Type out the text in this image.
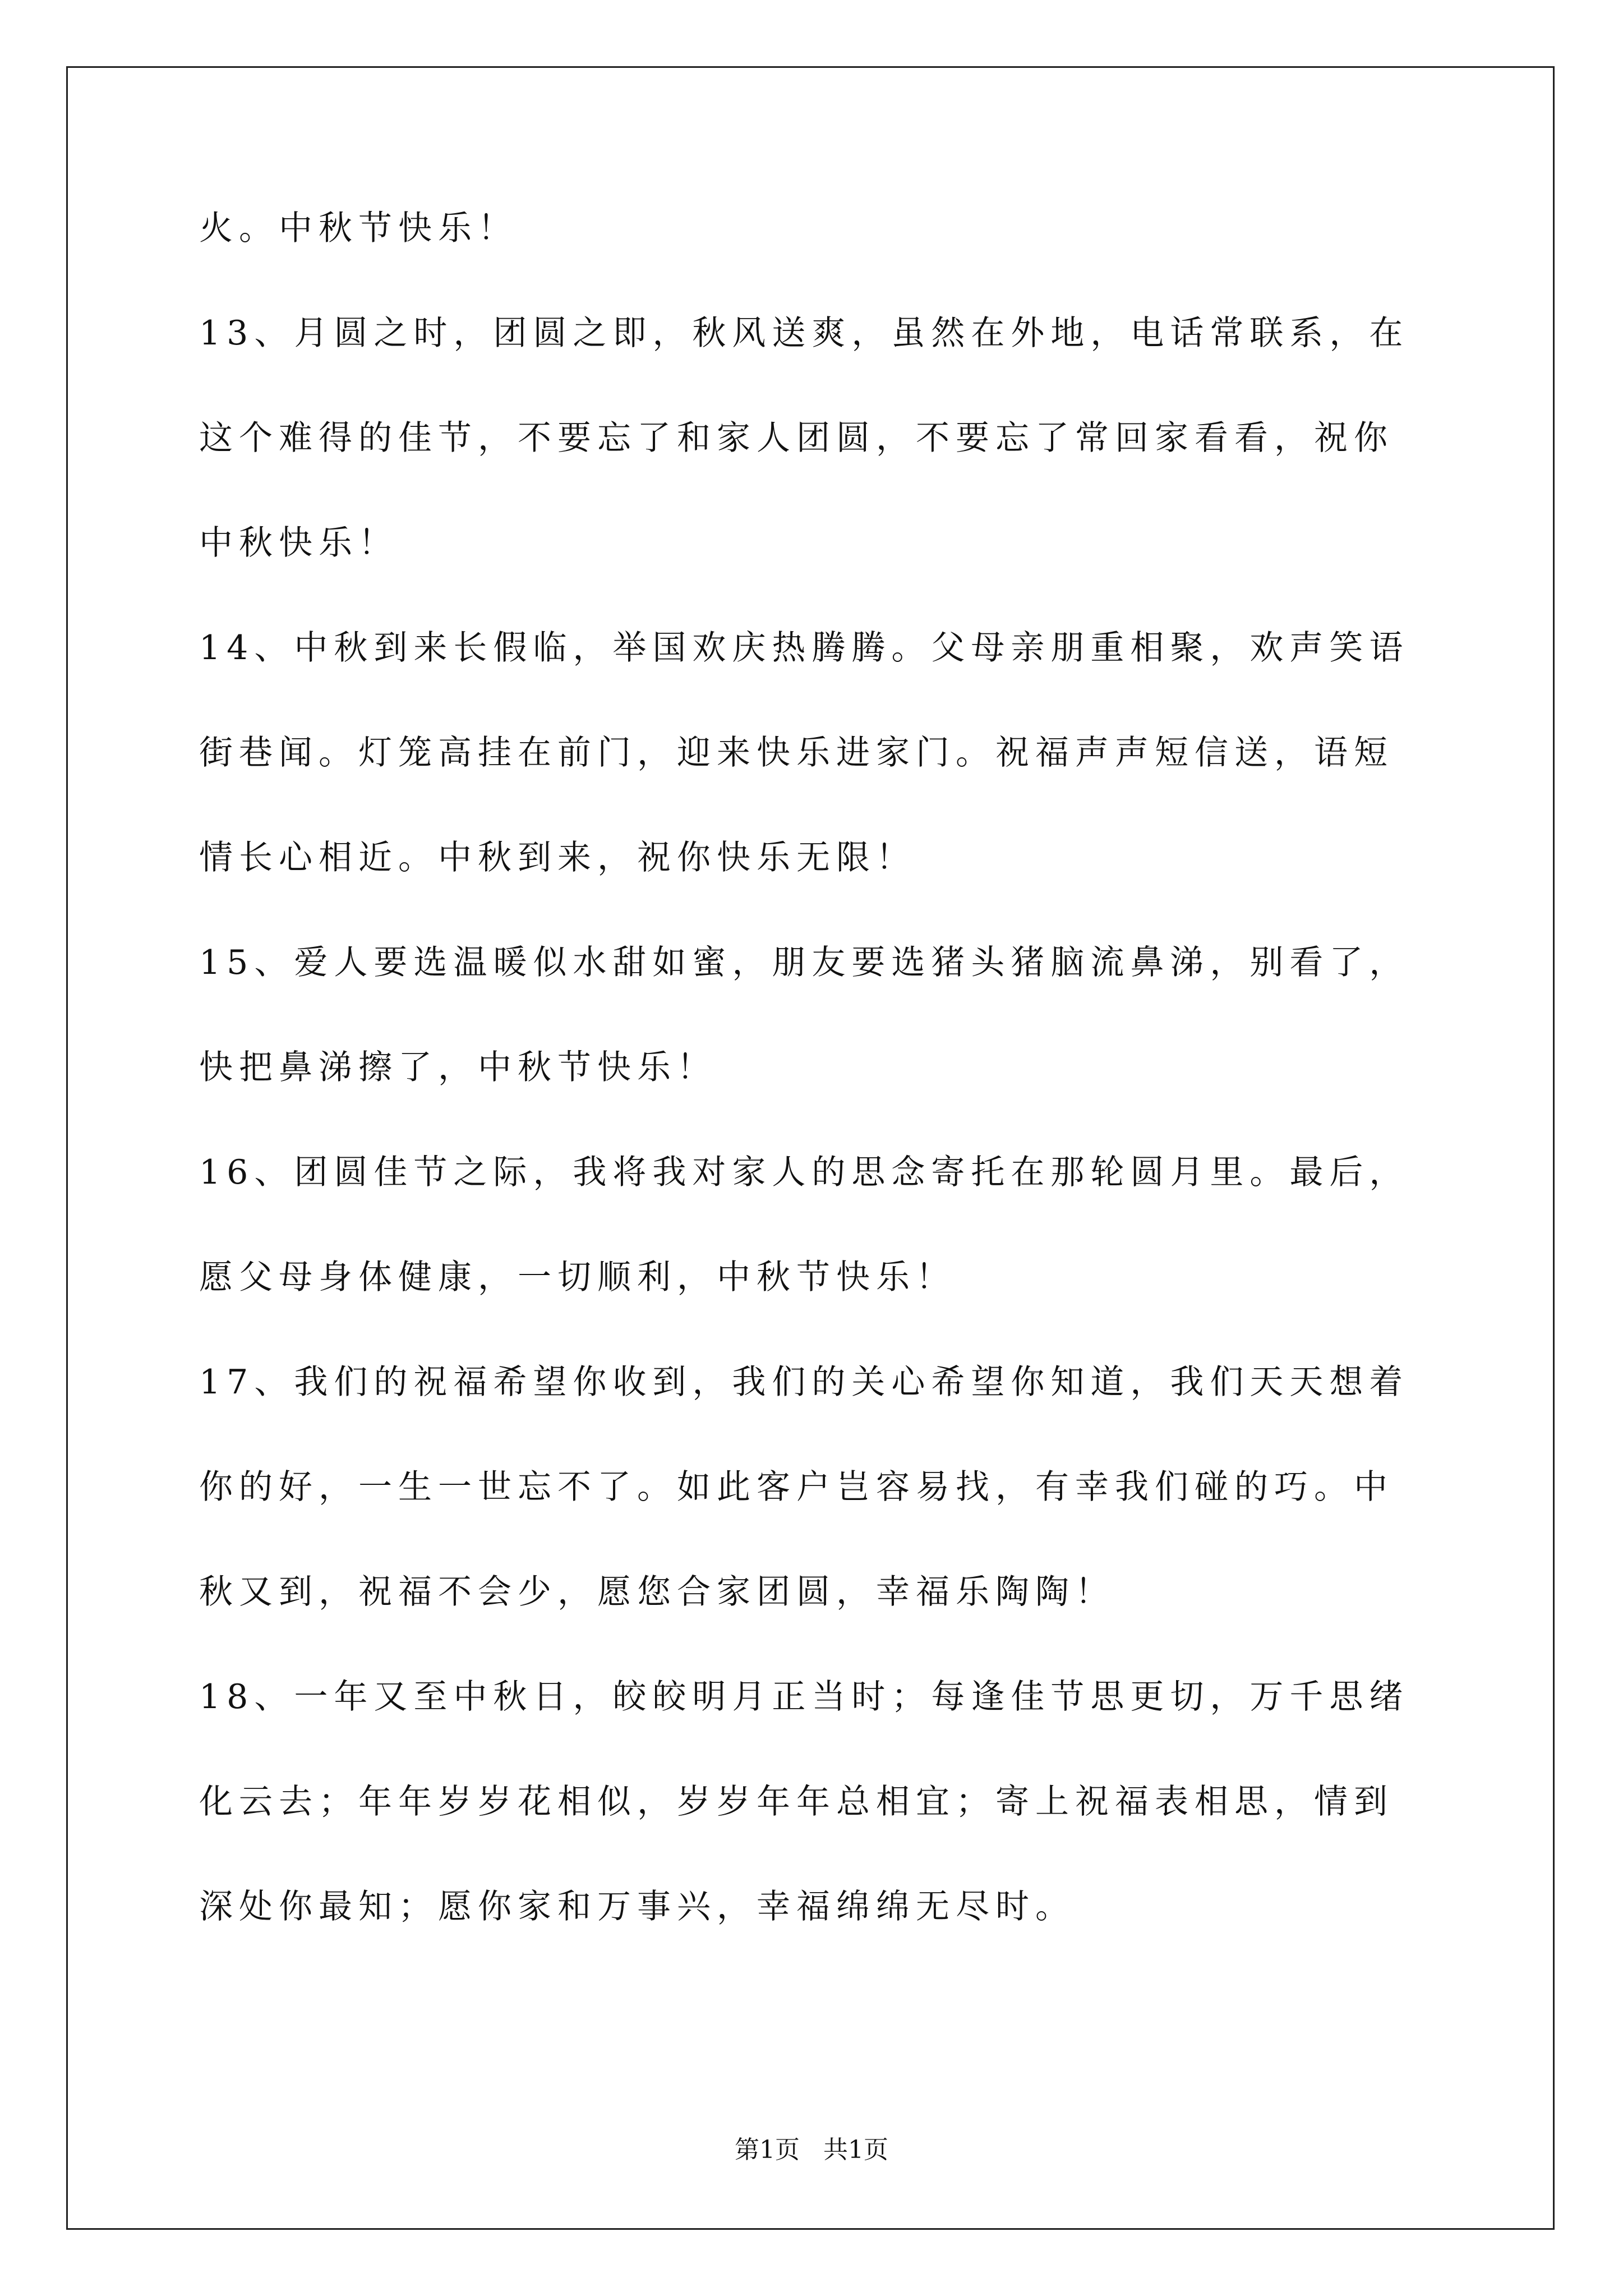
火。中秋节快乐！
13、月圆之时，团圆之即，秋风送爽，虽然在外地，电话常联系，在
这个难得的佳节，不要忘了和家人团圆，不要忘了常回家看看，祝你
中秋快乐！
14、中秋到来长假临，举国欢庆热腾腾。父母亲朋重相聚，欢声笑语
街巷闻。灯笼高挂在前门，迎来快乐进家门。祝福声声短信送，语短
情长心相近。中秋到来，祝你快乐无限！
15、爱人要选温暖似水甜如蜜，朋友要选猪头猪脑流鼻涕，别看了，
快把鼻涕擦了，中秋节快乐！
16、团圆佳节之际，我将我对家人的思念寄托在那轮圆月里。最后，
愿父母身体健康，一切顺利，中秋节快乐！
17、我们的祝福希望你收到，我们的关心希望你知道，我们天天想着
你的好，一生一世忘不了。如此客户岂容易找，有幸我们碰的巧。中
秋又到，祝福不会少，愿您合家团圆，幸福乐陶陶！
18、一年又至中秋日，皎皎明月正当时；每逢佳节思更切，万千思绪
化云去；年年岁岁花相似，岁岁年年总相宜；寄上祝福表相思，情到
深处你最知；愿你家和万事兴，幸福绵绵无尽时。
第1页   共1页
